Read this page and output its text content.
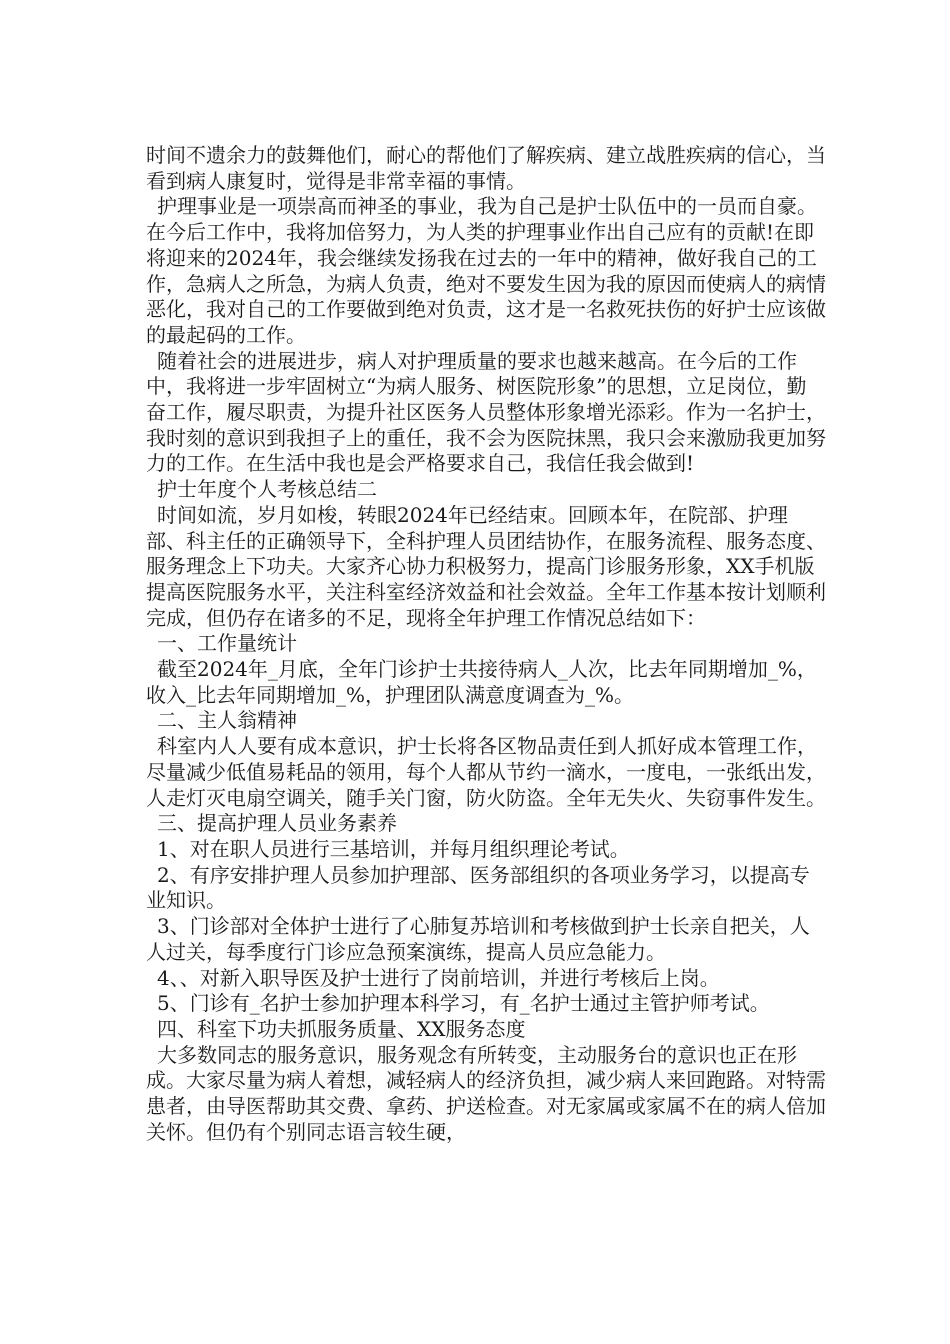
时间不遗余力的鼓舞他们，耐心的帮他们了解疾病、建立战胜疾病的信心，当看到病人康复时，觉得是非常幸福的事情。

护理事业是一项崇高而神圣的事业，我为自己是护士队伍中的一员而自豪。在今后工作中，我将加倍努力，为人类的护理事业作出自己应有的贡献!在即将迎来的2024年，我会继续发扬我在过去的一年中的精神，做好我自己的工作，急病人之所急，为病人负责，绝对不要发生因为我的原因而使病人的病情恶化，我对自己的工作要做到绝对负责，这才是一名救死扶伤的好护士应该做的最起码的工作。

随着社会的进展进步，病人对护理质量的要求也越来越高。在今后的工作中，我将进一步牢固树立“为病人服务、树医院形象”的思想，立足岗位，勤奋工作，履尽职责，为提升社区医务人员整体形象增光添彩。作为一名护士，我时刻的意识到我担子上的重任，我不会为医院抹黑，我只会来激励我更加努力的工作。在生活中我也是会严格要求自己，我信任我会做到!

护士年度个人考核总结二

时间如流，岁月如梭，转眼2024年已经结束。回顾本年，在院部、护理部、科主任的正确领导下，全科护理人员团结协作，在服务流程、服务态度、服务理念上下功夫。大家齐心协力积极努力，提高门诊服务形象，XX手机版提高医院服务水平，关注科室经济效益和社会效益。全年工作基本按计划顺利完成，但仍存在诸多的不足，现将全年护理工作情况总结如下：

一、工作量统计

截至2024年_月底，全年门诊护士共接待病人_人次，比去年同期增加_%，收入_比去年同期增加_%，护理团队满意度调查为_%。

二、主人翁精神

科室内人人要有成本意识，护士长将各区物品责任到人抓好成本管理工作，尽量减少低值易耗品的领用，每个人都从节约一滴水，一度电，一张纸出发，人走灯灭电扇空调关，随手关门窗，防火防盗。全年无失火、失窃事件发生。

三、提高护理人员业务素养

1、对在职人员进行三基培训，并每月组织理论考试。

2、有序安排护理人员参加护理部、医务部组织的各项业务学习，以提高专业知识。

3、门诊部对全体护士进行了心肺复苏培训和考核做到护士长亲自把关，人人过关，每季度行门诊应急预案演练，提高人员应急能力。

4、、对新入职导医及护士进行了岗前培训，并进行考核后上岗。

5、门诊有_名护士参加护理本科学习，有_名护士通过主管护师考试。

四、科室下功夫抓服务质量、XX服务态度

大多数同志的服务意识，服务观念有所转变，主动服务台的意识也正在形成。大家尽量为病人着想，减轻病人的经济负担，减少病人来回跑路。对特需患者，由导医帮助其交费、拿药、护送检查。对无家属或家属不在的病人倍加关怀。但仍有个别同志语言较生硬，
